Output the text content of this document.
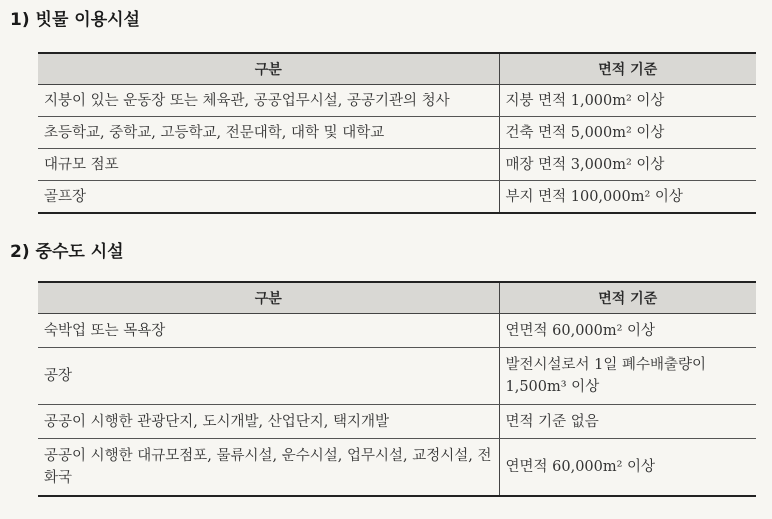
1) 빗물 이용시설
구분	면적 기준
지붕이 있는 운동장 또는 체육관, 공공업무시설, 공공기관의 청사	지붕 면적 1,000m² 이상
초등학교, 중학교, 고등학교, 전문대학, 대학 및 대학교	건축 면적 5,000m² 이상
대규모 점포	매장 면적 3,000m² 이상
골프장	부지 면적 100,000m² 이상
2) 중수도 시설
구분	면적 기준
숙박업 또는 목욕장	연면적 60,000m² 이상
공장	발전시설로서 1일 폐수배출량이 1,500m³ 이상
공공이 시행한 관광단지, 도시개발, 산업단지, 택지개발	면적 기준 없음
공공이 시행한 대규모점포, 물류시설, 운수시설, 업무시설, 교정시설, 전화국	연면적 60,000m² 이상
